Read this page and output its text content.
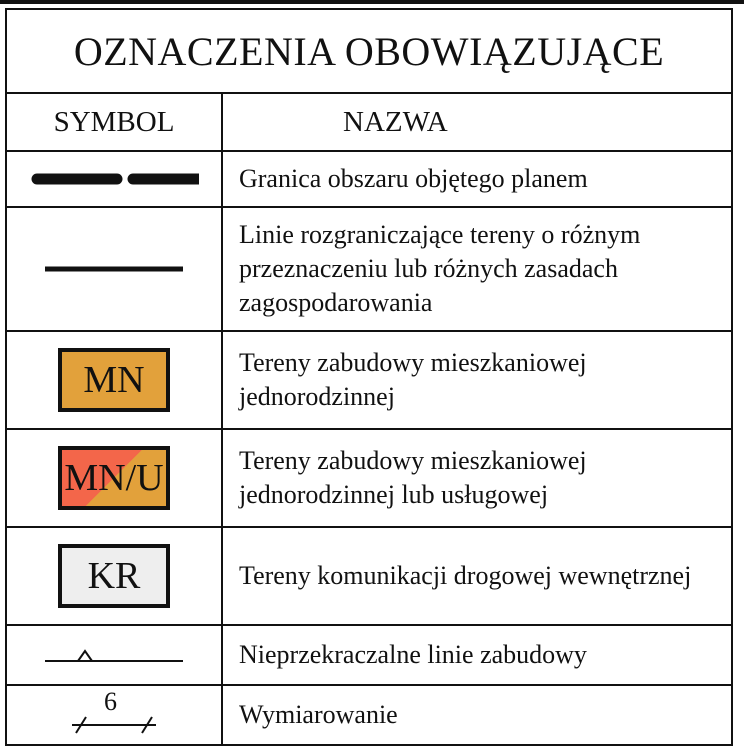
OZNACZENIA OBOWIĄZUJĄCE
SYMBOL	NAZWA
Granica obszaru objętego planem
Linie rozgraniczające tereny o różnym przeznaczeniu lub różnych zasadach zagospodarowania
MN	Tereny zabudowy mieszkaniowej jednorodzinnej
MN/U	Tereny zabudowy mieszkaniowej jednorodzinnej lub usługowej
KR	Tereny komunikacji drogowej wewnętrznej
Nieprzekraczalne linie zabudowy
6	Wymiarowanie
